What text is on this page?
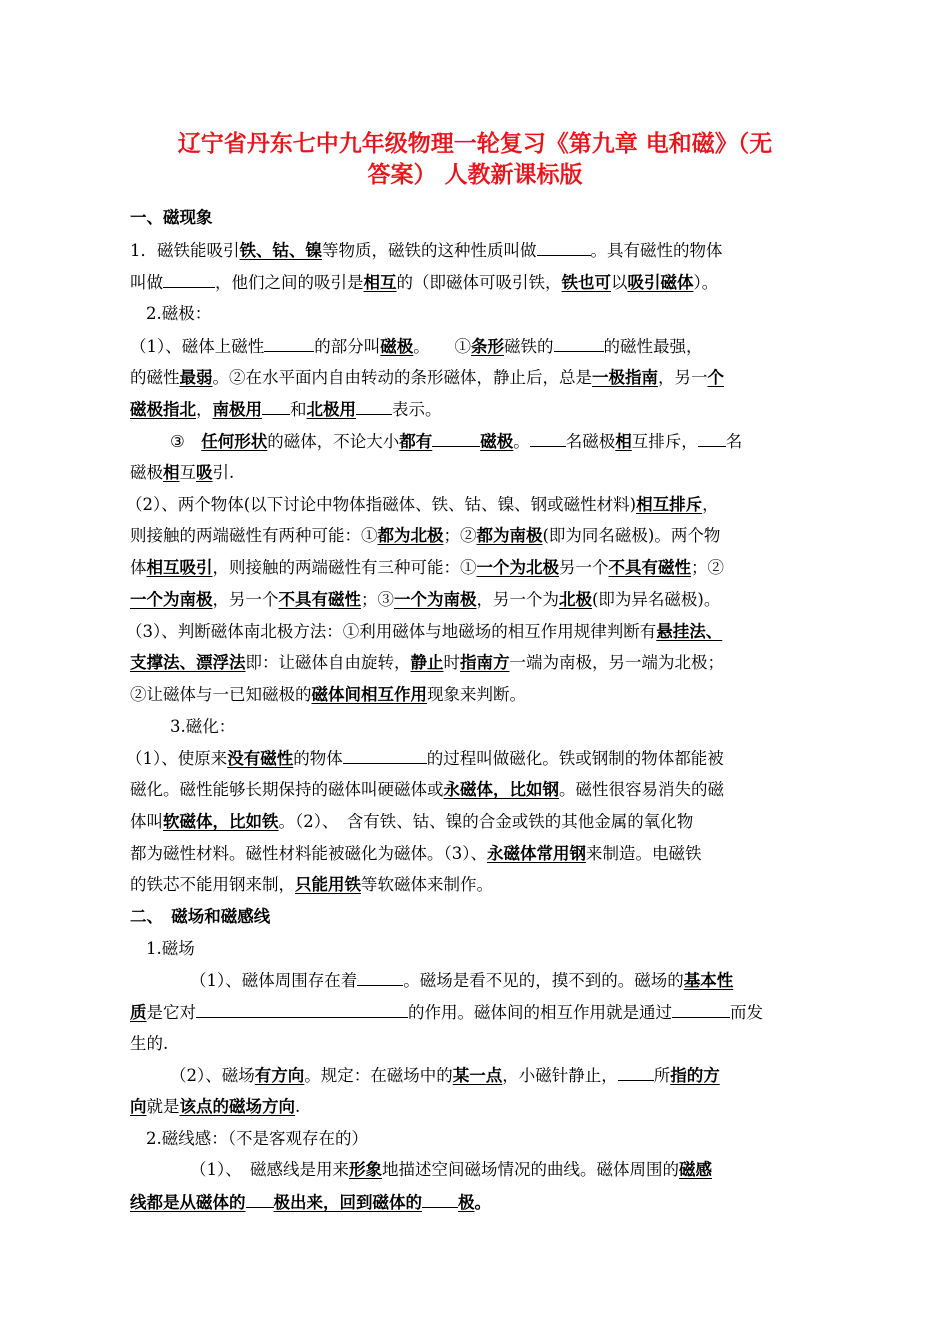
辽宁省丹东七中九年级物理一轮复习《第九章 电和磁》（无
答案） 人教新课标版
一、磁现象
1．磁铁能吸引铁、钴、镍等物质，磁铁的这种性质叫做	。具有磁性的物体
叫做	，他们之间的吸引是相互的（即磁体可吸引铁，铁也可以吸引磁体）。
2.磁极：
（1）、磁体上磁性	的部分叫磁极。　　①条形磁铁的	的磁性最强，
的磁性最弱。②在水平面内自由转动的条形磁体，静止后，总是一极指南，另一个
磁极指北，南极用 和北极用 表示。
③　任何形状的磁体，不论大小都有	磁极。 名磁极相互排斥， 名
磁极相互吸引.
（2）、两个物体(以下讨论中物体指磁体、铁、钴、镍、钢或磁性材料)相互排斥，
则接触的两端磁性有两种可能：①都为北极；②都为南极(即为同名磁极)。两个物
体相互吸引，则接触的两端磁性有三种可能：①一个为北极另一个不具有磁性；②
一个为南极，另一个不具有磁性；③一个为南极，另一个为北极(即为异名磁极)。
（3）、判断磁体南北极方法：①利用磁体与地磁场的相互作用规律判断有悬挂法、
支撑法、漂浮法即：让磁体自由旋转，静止时指南方一端为南极，另一端为北极；
②让磁体与一已知磁极的磁体间相互作用现象来判断。
3.磁化：
（1）、使原来没有磁性的物体	的过程叫做磁化。铁或钢制的物体都能被
磁化。磁性能够长期保持的磁体叫硬磁体或永磁体，比如钢。磁性很容易消失的磁
体叫软磁体，比如铁。（2）、　含有铁、钴、镍的合金或铁的其他金属的氧化物
都为磁性材料。磁性材料能被磁化为磁体。（3）、永磁体常用钢来制造。电磁铁
的铁芯不能用钢来制，只能用铁等软磁体来制作。
二、　磁场和磁感线
1.磁场
（1）、磁体周围存在着	。磁场是看不见的，摸不到的。磁场的基本性
质是它对	的作用。磁体间的相互作用就是通过	而发
生的.
（2）、磁场有方向。规定：在磁场中的某一点，小磁针静止， 所指的方
向就是该点的磁场方向.
2.磁线感：（不是客观存在的）
（1）、　磁感线是用来形象地描述空间磁场情况的曲线。磁体周围的磁感
线都是从磁体的 极出来，回到磁体的 极。
